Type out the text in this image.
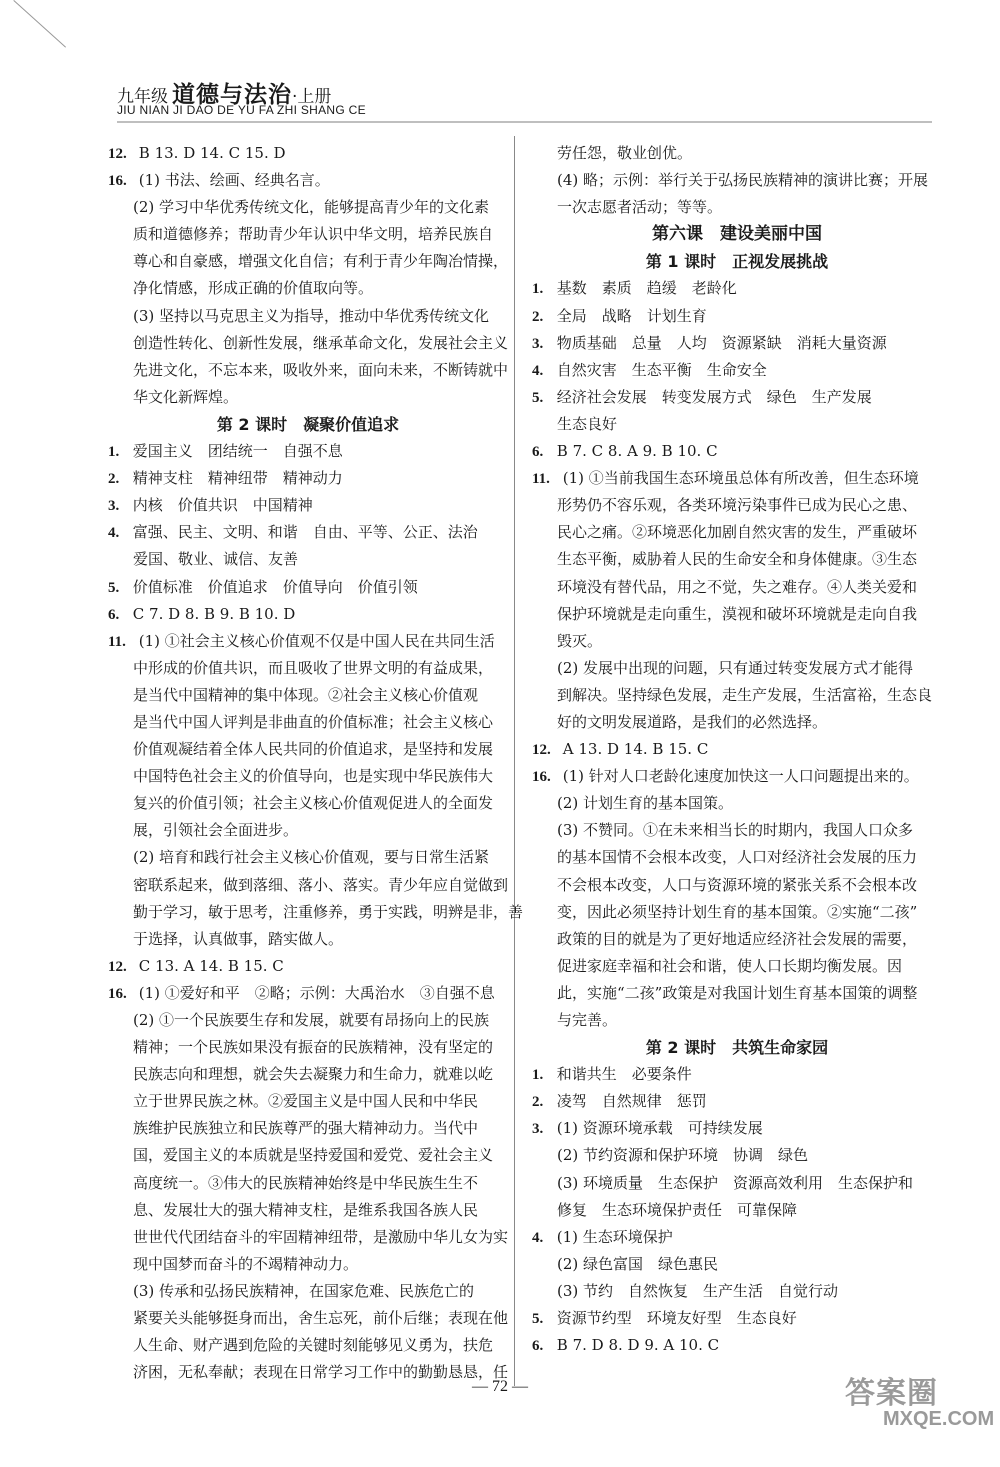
九年级 道德与法治·上册
JIU NIAN JI DAO DE YU FA ZHI SHANG CE
12. B 13. D 14. C 15. D
16. (1) 书法、绘画、经典名言。
(2) 学习中华优秀传统文化，能够提高青少年的文化素
质和道德修养；帮助青少年认识中华文明，培养民族自
尊心和自豪感，增强文化自信；有利于青少年陶冶情操，
净化情感，形成正确的价值取向等。
(3) 坚持以马克思主义为指导，推动中华优秀传统文化
创造性转化、创新性发展，继承革命文化，发展社会主义
先进文化，不忘本来，吸收外来，面向未来，不断铸就中
华文化新辉煌。
第 2 课时　凝聚价值追求
1. 爱国主义　团结统一　自强不息
2. 精神支柱　精神纽带　精神动力
3. 内核　价值共识　中国精神
4. 富强、民主、文明、和谐　自由、平等、公正、法治
爱国、敬业、诚信、友善
5. 价值标准　价值追求　价值导向　价值引领
6. C 7. D 8. B 9. B 10. D
11. (1) ①社会主义核心价值观不仅是中国人民在共同生活
中形成的价值共识，而且吸收了世界文明的有益成果，
是当代中国精神的集中体现。②社会主义核心价值观
是当代中国人评判是非曲直的价值标准；社会主义核心
价值观凝结着全体人民共同的价值追求，是坚持和发展
中国特色社会主义的价值导向，也是实现中华民族伟大
复兴的价值引领；社会主义核心价值观促进人的全面发
展，引领社会全面进步。
(2) 培育和践行社会主义核心价值观，要与日常生活紧
密联系起来，做到落细、落小、落实。青少年应自觉做到
勤于学习，敏于思考，注重修养，勇于实践，明辨是非，善
于选择，认真做事，踏实做人。
12. C 13. A 14. B 15. C
16. (1) ①爱好和平　②略；示例：大禹治水　③自强不息
(2) ①一个民族要生存和发展，就要有昂扬向上的民族
精神；一个民族如果没有振奋的民族精神，没有坚定的
民族志向和理想，就会失去凝聚力和生命力，就难以屹
立于世界民族之林。②爱国主义是中国人民和中华民
族维护民族独立和民族尊严的强大精神动力。当代中
国，爱国主义的本质就是坚持爱国和爱党、爱社会主义
高度统一。③伟大的民族精神始终是中华民族生生不
息、发展壮大的强大精神支柱，是维系我国各族人民
世世代代团结奋斗的牢固精神纽带，是激励中华儿女为实
现中国梦而奋斗的不竭精神动力。
(3) 传承和弘扬民族精神，在国家危难、民族危亡的
紧要关头能够挺身而出，舍生忘死，前仆后继；表现在他
人生命、财产遇到危险的关键时刻能够见义勇为，扶危
济困，无私奉献；表现在日常学习工作中的勤勤恳恳，任
劳任怨，敬业创优。
(4) 略；示例：举行关于弘扬民族精神的演讲比赛；开展
一次志愿者活动；等等。
第六课　建设美丽中国
第 1 课时　正视发展挑战
1. 基数　素质　趋缓　老龄化
2. 全局　战略　计划生育
3. 物质基础　总量　人均　资源紧缺　消耗大量资源
4. 自然灾害　生态平衡　生命安全
5. 经济社会发展　转变发展方式　绿色　生产发展
生态良好
6. B 7. C 8. A 9. B 10. C
11. (1) ①当前我国生态环境虽总体有所改善，但生态环境
形势仍不容乐观，各类环境污染事件已成为民心之患、
民心之痛。②环境恶化加剧自然灾害的发生，严重破坏
生态平衡，威胁着人民的生命安全和身体健康。③生态
环境没有替代品，用之不觉，失之难存。④人类关爱和
保护环境就是走向重生，漠视和破坏环境就是走向自我
毁灭。
(2) 发展中出现的问题，只有通过转变发展方式才能得
到解决。坚持绿色发展，走生产发展，生活富裕，生态良
好的文明发展道路，是我们的必然选择。
12. A 13. D 14. B 15. C
16. (1) 针对人口老龄化速度加快这一人口问题提出来的。
(2) 计划生育的基本国策。
(3) 不赞同。①在未来相当长的时期内，我国人口众多
的基本国情不会根本改变，人口对经济社会发展的压力
不会根本改变，人口与资源环境的紧张关系不会根本改
变，因此必须坚持计划生育的基本国策。②实施“二孩”
政策的目的就是为了更好地适应经济社会发展的需要，
促进家庭幸福和社会和谐，使人口长期均衡发展。因
此，实施“二孩”政策是对我国计划生育基本国策的调整
与完善。
第 2 课时　共筑生命家园
1. 和谐共生　必要条件
2. 凌驾　自然规律　惩罚
3. (1) 资源环境承载　可持续发展
(2) 节约资源和保护环境　协调　绿色
(3) 环境质量　生态保护　资源高效利用　生态保护和
修复　生态环境保护责任　可靠保障
4. (1) 生态环境保护
(2) 绿色富国　绿色惠民
(3) 节约　自然恢复　生产生活　自觉行动
5. 资源节约型　环境友好型　生态良好
6. B 7. D 8. D 9. A 10. C
— 72 —	答案圈
MXQE.COM
